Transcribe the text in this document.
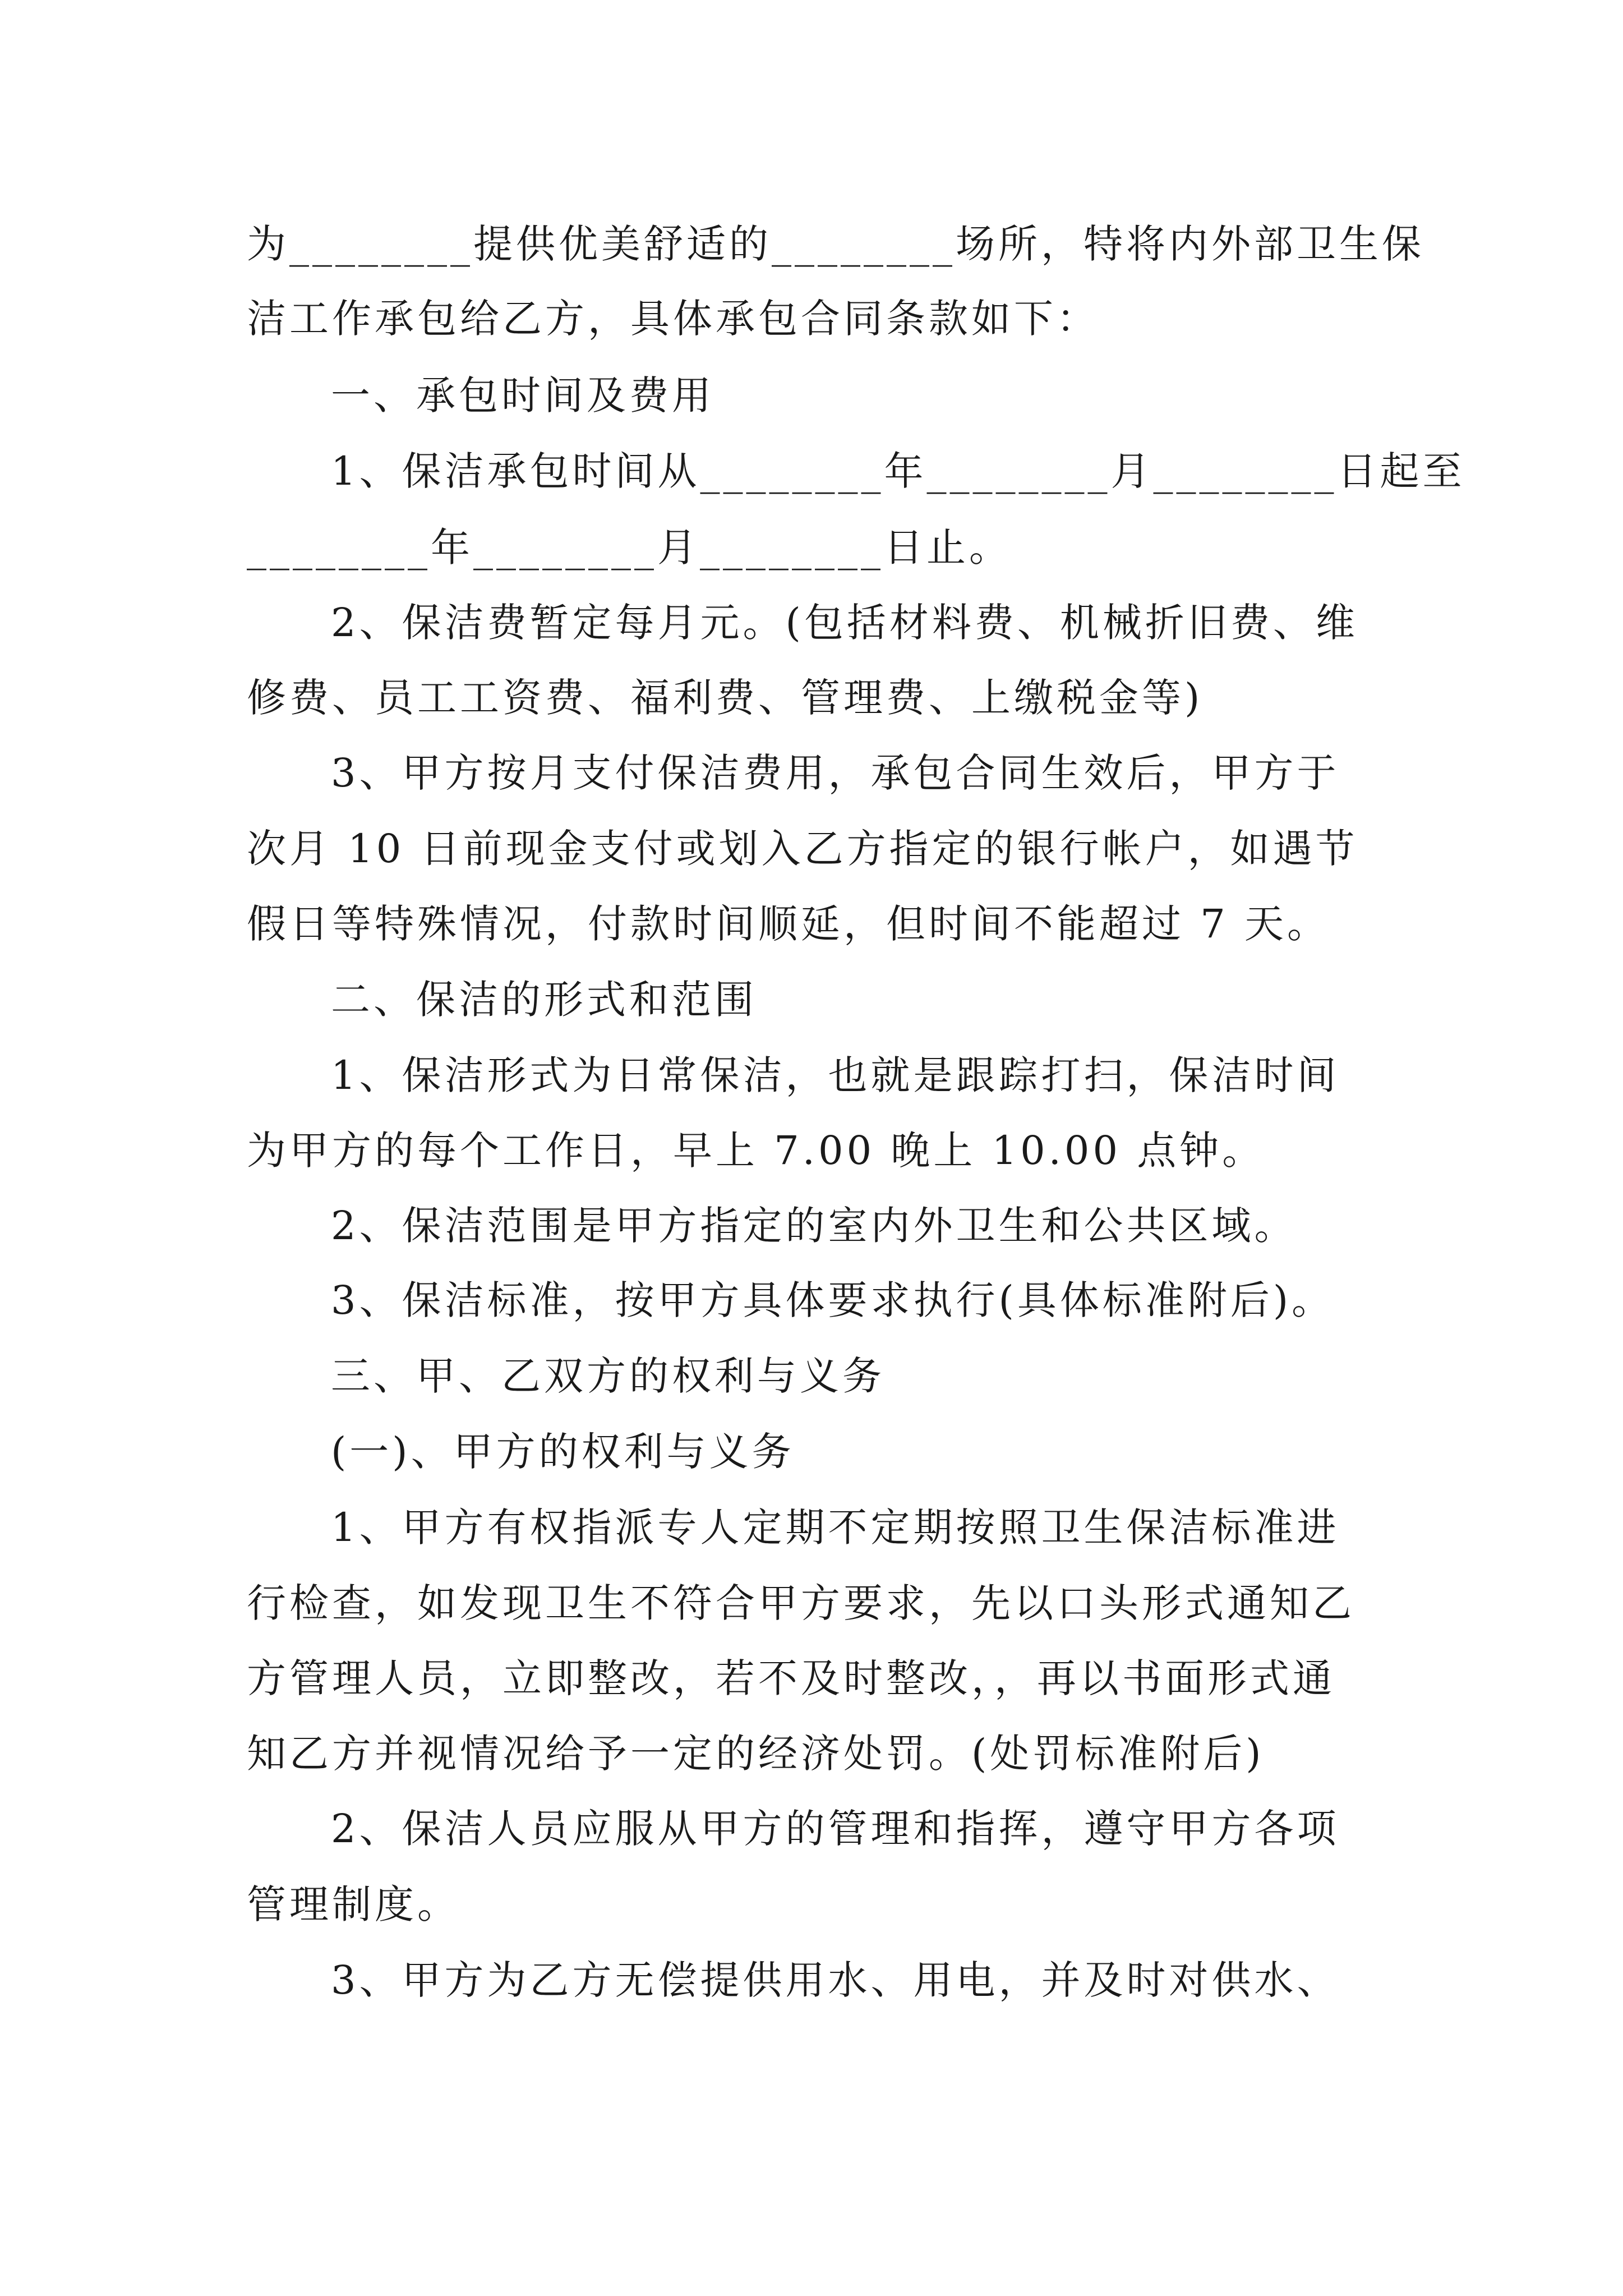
为________提供优美舒适的________场所，特将内外部卫生保
洁工作承包给乙方，具体承包合同条款如下：
一、承包时间及费用
1、保洁承包时间从________年________月________日起至
________年________月________日止。
2、保洁费暂定每月元。(包括材料费、机械折旧费、维
修费、员工工资费、福利费、管理费、上缴税金等)
3、甲方按月支付保洁费用，承包合同生效后，甲方于
次月 10 日前现金支付或划入乙方指定的银行帐户，如遇节
假日等特殊情况，付款时间顺延，但时间不能超过 7 天。
二、保洁的形式和范围
1、保洁形式为日常保洁，也就是跟踪打扫，保洁时间
为甲方的每个工作日，早上 7.00 晚上 10.00 点钟。
2、保洁范围是甲方指定的室内外卫生和公共区域。
3、保洁标准，按甲方具体要求执行(具体标准附后)。
三、甲、乙双方的权利与义务
(一)、甲方的权利与义务
1、甲方有权指派专人定期不定期按照卫生保洁标准进
行检查，如发现卫生不符合甲方要求，先以口头形式通知乙
方管理人员，立即整改，若不及时整改，，再以书面形式通
知乙方并视情况给予一定的经济处罚。(处罚标准附后)
2、保洁人员应服从甲方的管理和指挥，遵守甲方各项
管理制度。
3、甲方为乙方无偿提供用水、用电，并及时对供水、
